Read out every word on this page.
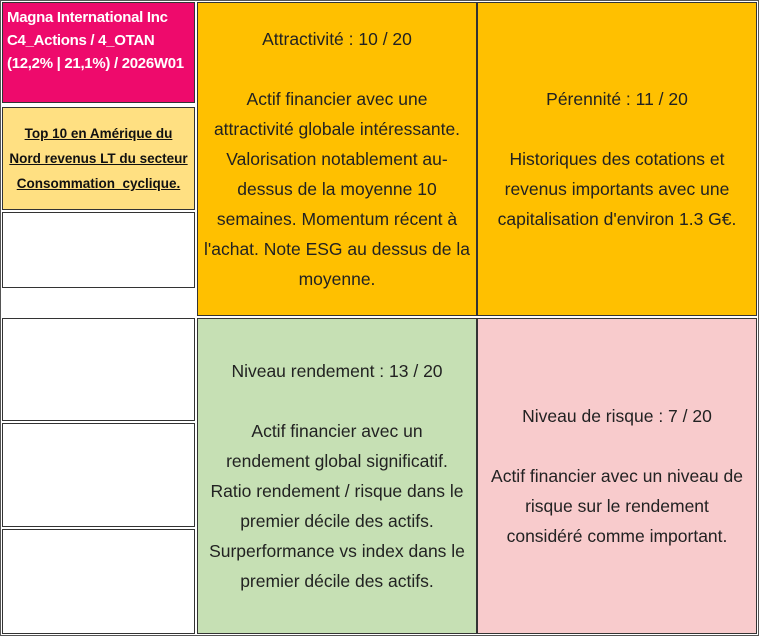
Magna International Inc
C4_Actions / 4_OTAN
(12,2% | 21,1%) / 2026W01
Top 10 en Amérique du
Nord revenus LT du secteur
Consommation_cyclique.
Attractivité : 10 / 20
Actif financier avec une
attractivité globale intéressante.
Valorisation notablement au-
dessus de la moyenne 10
semaines. Momentum récent à
l'achat. Note ESG au dessus de la
moyenne.
Pérennité : 11 / 20
Historiques des cotations et
revenus importants avec une
capitalisation d'environ 1.3 G€.
Niveau rendement : 13 / 20
Actif financier avec un
rendement global significatif.
Ratio rendement / risque dans le
premier décile des actifs.
Surperformance vs index dans le
premier décile des actifs.
Niveau de risque : 7 / 20
Actif financier avec un niveau de
risque sur le rendement
considéré comme important.
